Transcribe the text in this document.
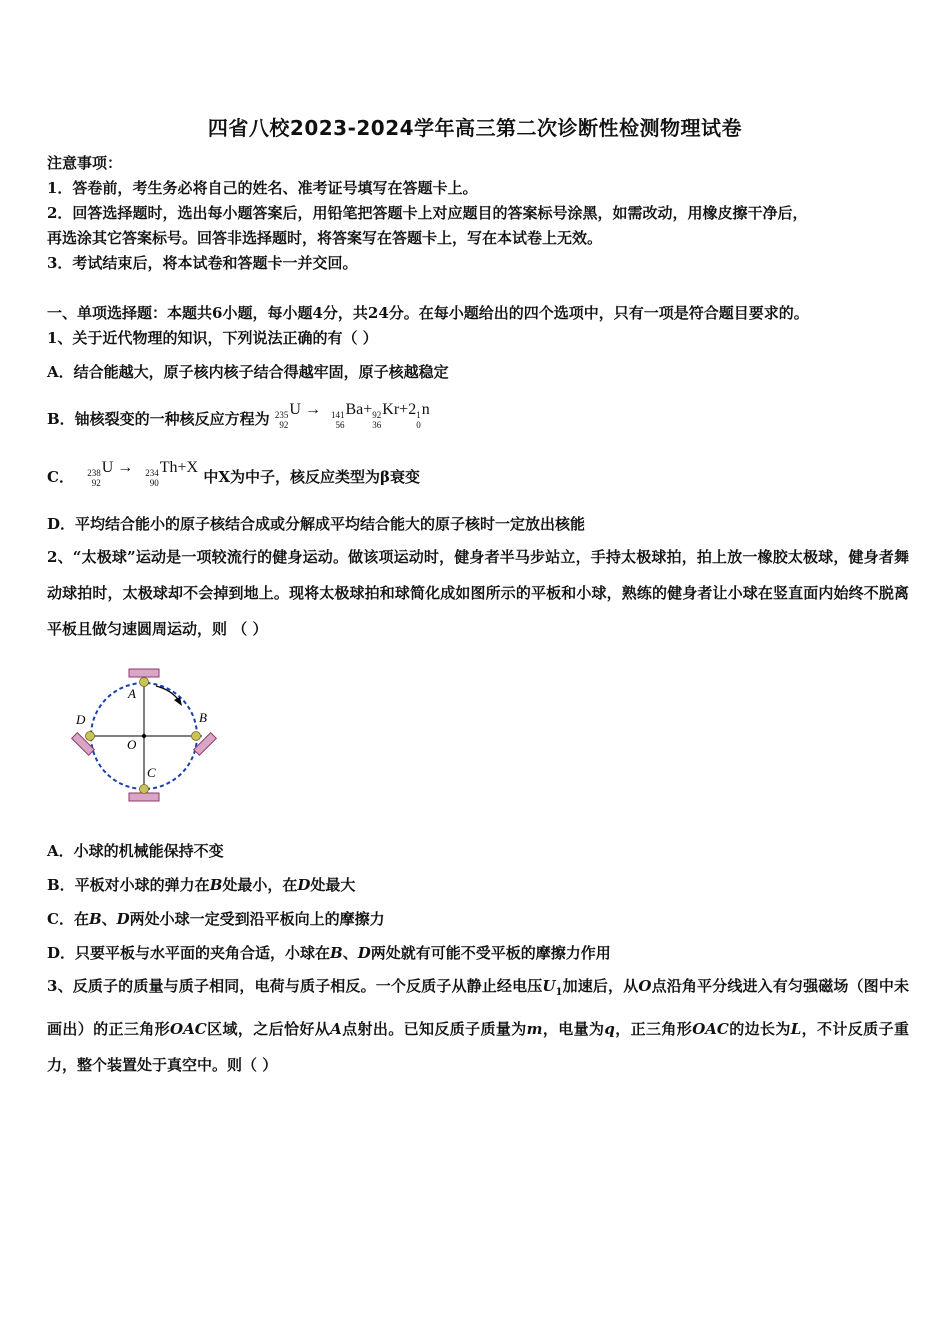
四省八校2023-2024学年高三第二次诊断性检测物理试卷
注意事项：
1．答卷前，考生务必将自己的姓名、准考证号填写在答题卡上。
2．回答选择题时，选出每小题答案后，用铅笔把答题卡上对应题目的答案标号涂黑，如需改动，用橡皮擦干净后，
再选涂其它答案标号。回答非选择题时，将答案写在答题卡上，写在本试卷上无效。
3．考试结束后，将本试卷和答题卡一并交回。
一、单项选择题：本题共6小题，每小题4分，共24分。在每小题给出的四个选项中，只有一项是符合题目要求的。
1、关于近代物理的知识，下列说法正确的有（ ）
A．结合能越大，原子核内核子结合得越牢固，原子核越稳定
B．铀核裂变的一种核反应方程为 235
92
U → 141
56
Ba+ 92
36
Kr+2 1
0
n
C． 238
92
U → 234
90
Th+X 中X为中子，核反应类型为β衰变
D．平均结合能小的原子核结合成或分解成平均结合能大的原子核时一定放出核能
2、“太极球”运动是一项较流行的健身运动。做该项运动时，健身者半马步站立，手持太极球拍，拍上放一橡胶太极球，健身者舞动球拍时，太极球却不会掉到地上。现将太极球拍和球简化成如图所示的平板和小球，熟练的健身者让小球在竖直面内始终不脱离平板且做匀速圆周运动，则 （ ）
A
B
C
D
O
A．小球的机械能保持不变
B．平板对小球的弹力在B处最小，在D处最大
C．在B、D两处小球一定受到沿平板向上的摩擦力
D．只要平板与水平面的夹角合适，小球在B、D两处就有可能不受平板的摩擦力作用
3、反质子的质量与质子相同，电荷与质子相反。一个反质子从静止经电压$U_1$加速后，从O点沿角平分线进入有匀强磁场（图中未画出）的正三角形OAC区域，之后恰好从A点射出。已知反质子质量为m，电量为q，正三角形OAC的边长为L，不计反质子重力，整个装置处于真空中。则（ ）
